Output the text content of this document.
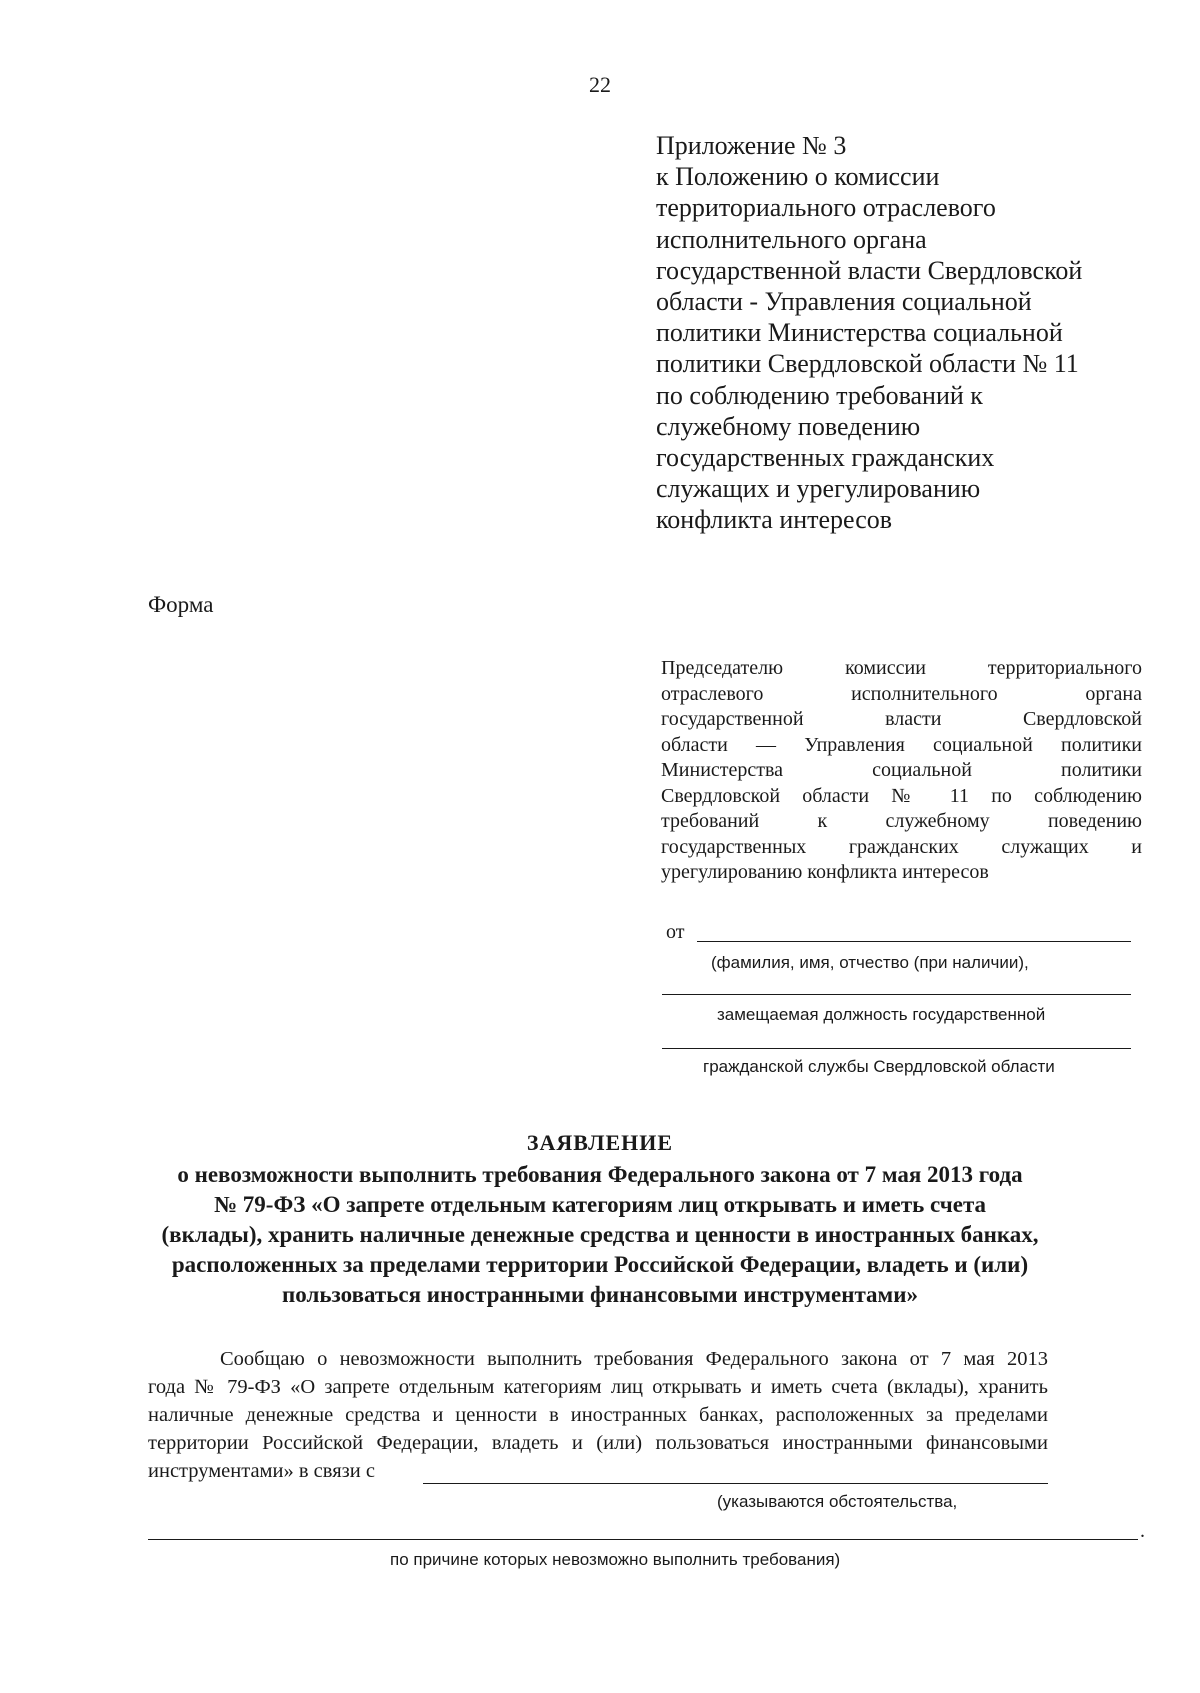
22
Приложение № 3
к Положению о комиссии
территориального отраслевого
исполнительного органа
государственной власти Свердловской
области - Управления социальной
политики Министерства социальной
политики Свердловской области № 11
по соблюдению требований к
служебному поведению
государственных гражданских
служащих и урегулированию
конфликта интересов
Форма
Председателю комиссии территориального
отраслевого исполнительного органа
государственной власти Свердловской
области — Управления социальной политики
Министерства социальной политики
Свердловской области № 11 по соблюдению
требований к служебному поведению
государственных гражданских служащих и
урегулированию конфликта интересов
от
(фамилия, имя, отчество (при наличии),
замещаемая должность государственной
гражданской службы Свердловской области
ЗАЯВЛЕНИЕ
о невозможности выполнить требования Федерального закона от 7 мая 2013 года
№ 79-ФЗ «О запрете отдельным категориям лиц открывать и иметь счета
(вклады), хранить наличные денежные средства и ценности в иностранных банках,
расположенных за пределами территории Российской Федерации, владеть и (или)
пользоваться иностранными финансовыми инструментами»
Сообщаю о невозможности выполнить требования Федерального закона от 7 мая 2013
года № 79-ФЗ «О запрете отдельным категориям лиц открывать и иметь счета (вклады), хранить
наличные денежные средства и ценности в иностранных банках, расположенных за пределами
территории Российской Федерации, владеть и (или) пользоваться иностранными финансовыми
инструментами» в связи с
(указываются обстоятельства,
.
по причине которых невозможно выполнить требования)
